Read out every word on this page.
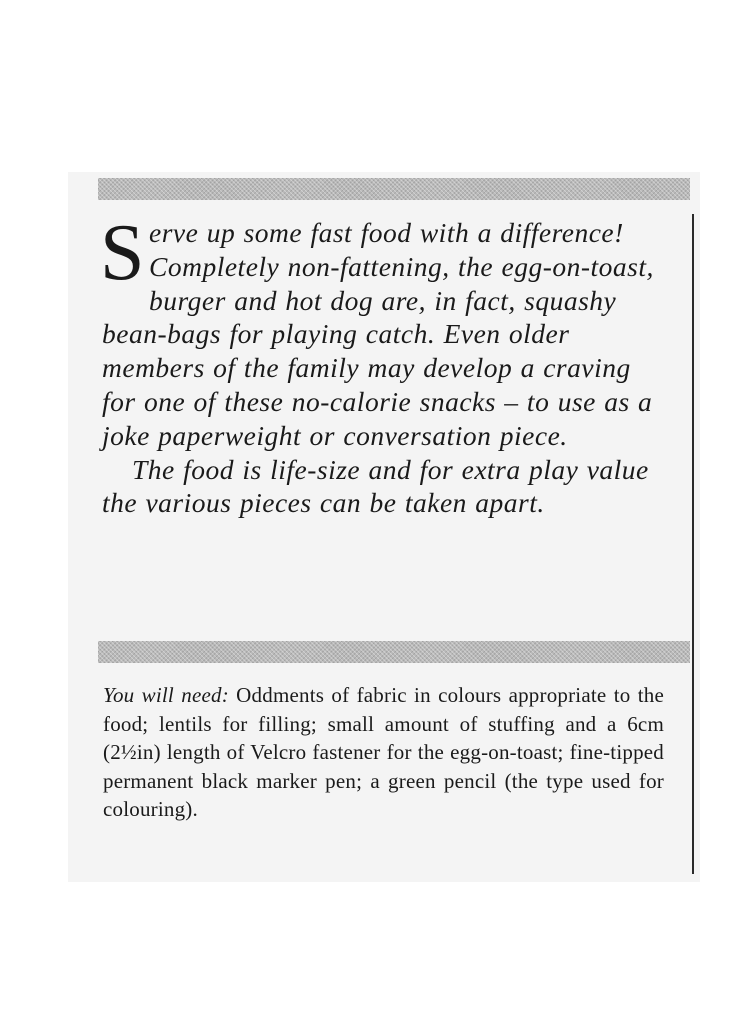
Serve up some fast food with a difference! Completely non-fattening, the egg-on-toast, burger and hot dog are, in fact, squashy bean-bags for playing catch. Even older members of the family may develop a craving for one of these no-calorie snacks – to use as a joke paperweight or conversation piece.

The food is life-size and for extra play value the various pieces can be taken apart.

You will need: Oddments of fabric in colours appropriate to the food; lentils for filling; small amount of stuffing and a 6cm (2½in) length of Velcro fastener for the egg-on-toast; fine-tipped permanent black marker pen; a green pencil (the type used for colouring).
